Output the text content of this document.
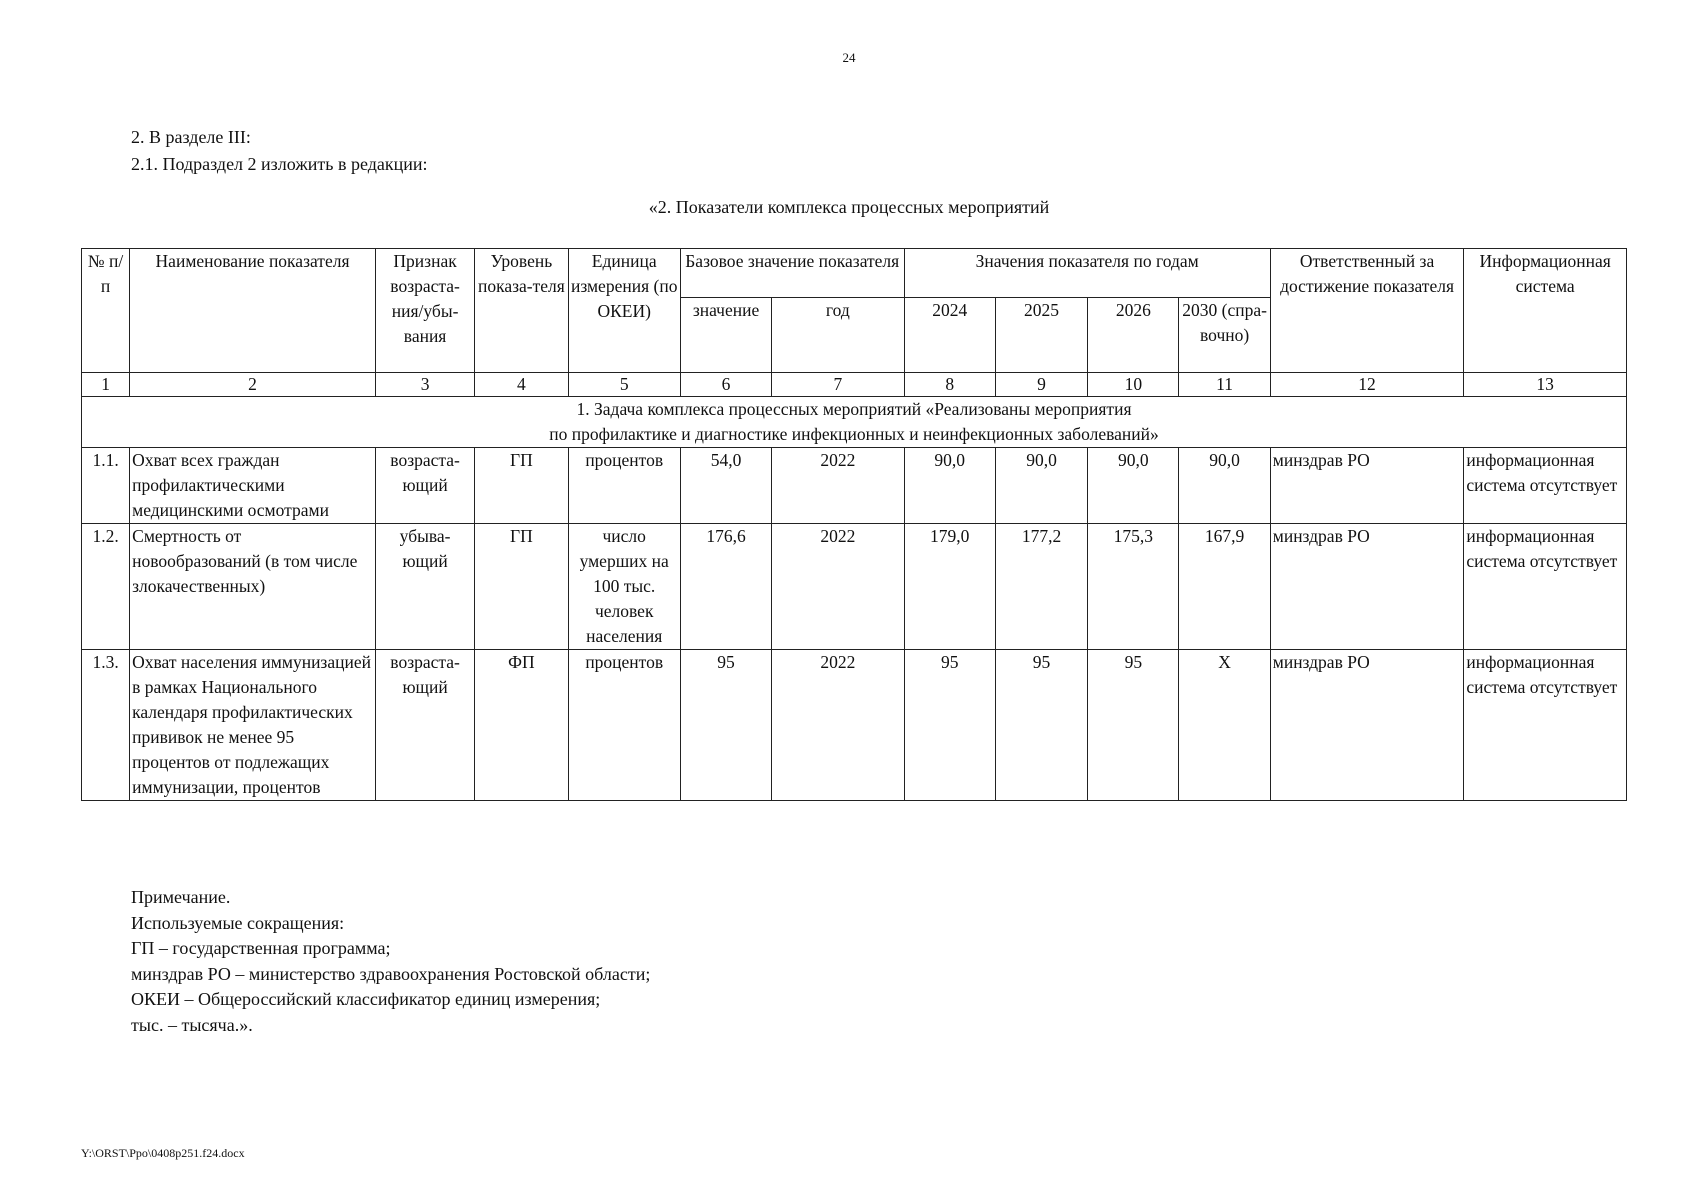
24
2. В разделе III:
2.1. Подраздел 2 изложить в редакции:
«2. Показатели комплекса процессных мероприятий
№ п/п	Наименование показателя	Признак возраста-ния/убы-вания	Уровень показа-теля	Единица измерения (по ОКЕИ)	Базовое значение показателя		Значения показателя по годам				Ответственный за достижение показателя	Информационная система
					значение	год	2024	2025	2026	2030 (спра-вочно)		
1	2	3	4	5	6	7	8	9	10	11	12	13

1. Задача комплекса процессных мероприятий «Реализованы мероприятия
по профилактике и диагностике инфекционных и неинфекционных заболеваний»												

1.1.	Охват всех граждан профилактическими медицинскими осмотрами	возраста-ющий	ГП	процентов	54,0	2022	90,0	90,0	90,0	90,0	минздрав РО	информационная система отсутствует
1.2.	Смертность от новообразований (в том числе злокачественных)	убыва-ющий	ГП	число умерших на 100 тыс. человек населения	176,6	2022	179,0	177,2	175,3	167,9	минздрав РО	информационная система отсутствует
1.3.	Охват населения иммунизацией в рамках Национального календаря профилактических прививок не менее 95 процентов от подлежащих иммунизации, процентов	возраста-ющий	ФП	процентов	95	2022	95	95	95	Х	минздрав РО	информационная система отсутствует
Примечание.
Используемые сокращения:
ГП – государственная программа;
минздрав РО – министерство здравоохранения Ростовской области;
ОКЕИ – Общероссийский классификатор единиц измерения;
тыс. – тысяча.».
Y:\ORST\Ppo\0408p251.f24.docx
